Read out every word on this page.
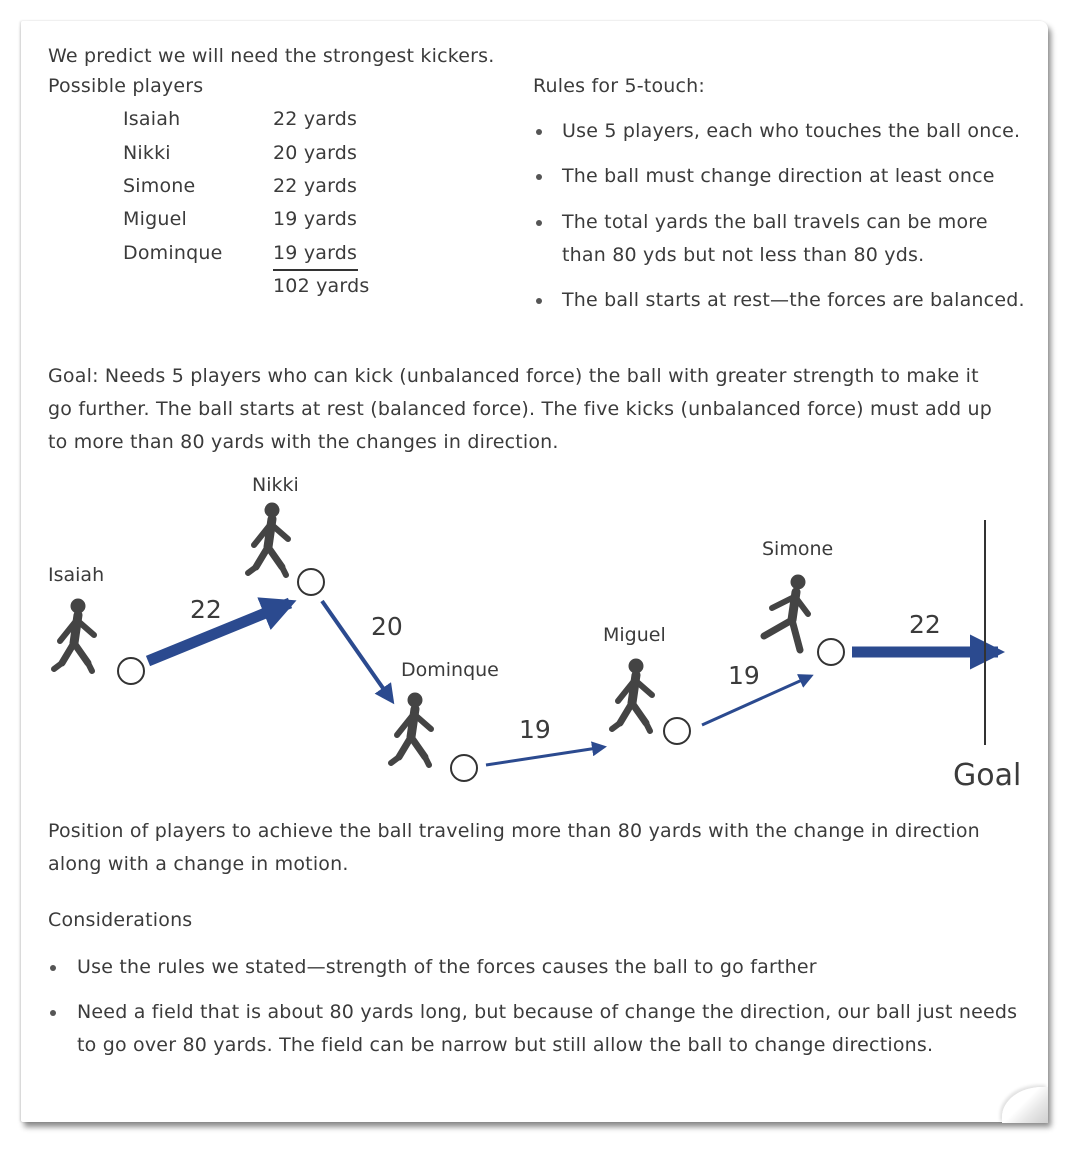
We predict we will need the strongest kickers.
Possible players
Isaiah	22 yards
Nikki	20 yards
Simone	22 yards
Miguel	19 yards
Dominque	19 yards
102 yards
Rules for 5-touch:
Use 5 players, each who touches the ball once.
The ball must change direction at least once
The total yards the ball travels can be more than 80 yds but not less than 80 yds.
The ball starts at rest—the forces are balanced.
Goal: Needs 5 players who can kick (unbalanced force) the ball with greater strength to make it go further. The ball starts at rest (balanced force). The five kicks (unbalanced force) must add up to more than 80 yards with the changes in direction.
Isaiah
Nikki
Dominque
Miguel
Simone
22
20
19
19
22
Goal
Position of players to achieve the ball traveling more than 80 yards with the change in direction along with a change in motion.
Considerations
Use the rules we stated—strength of the forces causes the ball to go farther
Need a field that is about 80 yards long, but because of change the direction, our ball just needs to go over 80 yards. The field can be narrow but still allow the ball to change directions.
